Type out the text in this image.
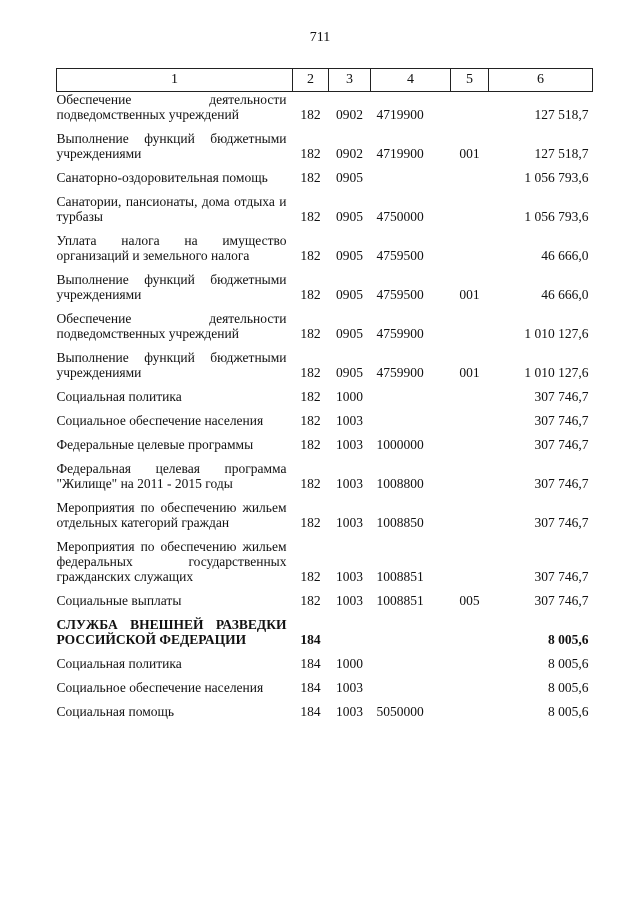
711
1	2	3	4	5	6
Обеспечение деятельности подведомственных учреждений	182	0902	4719900		127 518,7
Выполнение функций бюджетными учреждениями	182	0902	4719900	001	127 518,7
Санаторно-оздоровительная помощь	182	0905			1 056 793,6
Санатории, пансионаты, дома отдыха и турбазы	182	0905	4750000		1 056 793,6
Уплата налога на имущество организаций и земельного налога	182	0905	4759500		46 666,0
Выполнение функций бюджетными учреждениями	182	0905	4759500	001	46 666,0
Обеспечение деятельности подведомственных учреждений	182	0905	4759900		1 010 127,6
Выполнение функций бюджетными учреждениями	182	0905	4759900	001	1 010 127,6
Социальная политика	182	1000			307 746,7
Социальное обеспечение населения	182	1003			307 746,7
Федеральные целевые программы	182	1003	1000000		307 746,7
Федеральная целевая программа "Жилище" на 2011 - 2015 годы	182	1003	1008800		307 746,7
Мероприятия по обеспечению жильем отдельных категорий граждан	182	1003	1008850		307 746,7
Мероприятия по обеспечению жильем федеральных государственных гражданских служащих	182	1003	1008851		307 746,7
Социальные выплаты	182	1003	1008851	005	307 746,7
СЛУЖБА ВНЕШНЕЙ РАЗВЕДКИ РОССИЙСКОЙ ФЕДЕРАЦИИ	184				8 005,6
Социальная политика	184	1000			8 005,6
Социальное обеспечение населения	184	1003			8 005,6
Социальная помощь	184	1003	5050000		8 005,6
